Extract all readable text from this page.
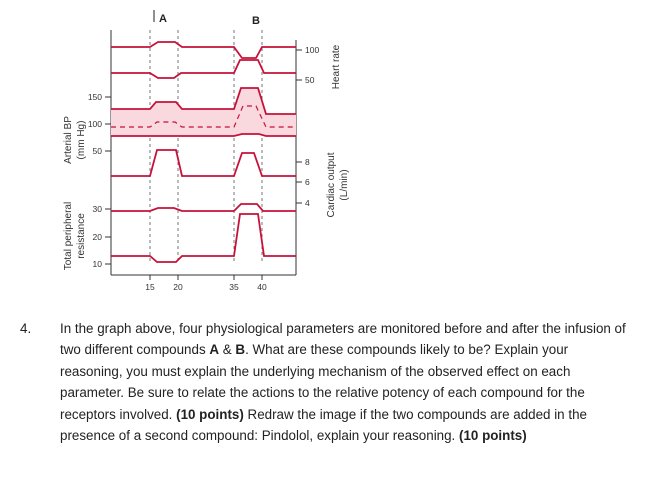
A	B
150
100
50
30
20
10
100
50
8
6
4
15 20	35 40
Arterial BP (mm Hg)
Total peripheral resistance
Heart rate
Cardiac output (L/min)
4.	In the graph above, four physiological parameters are monitored before and after the infusion of two different compounds A & B. What are these compounds likely to be? Explain your reasoning, you must explain the underlying mechanism of the observed effect on each parameter. Be sure to relate the actions to the relative potency of each compound for the receptors involved. (10 points) Redraw the image if the two compounds are added in the presence of a second compound: Pindolol, explain your reasoning. (10 points)
